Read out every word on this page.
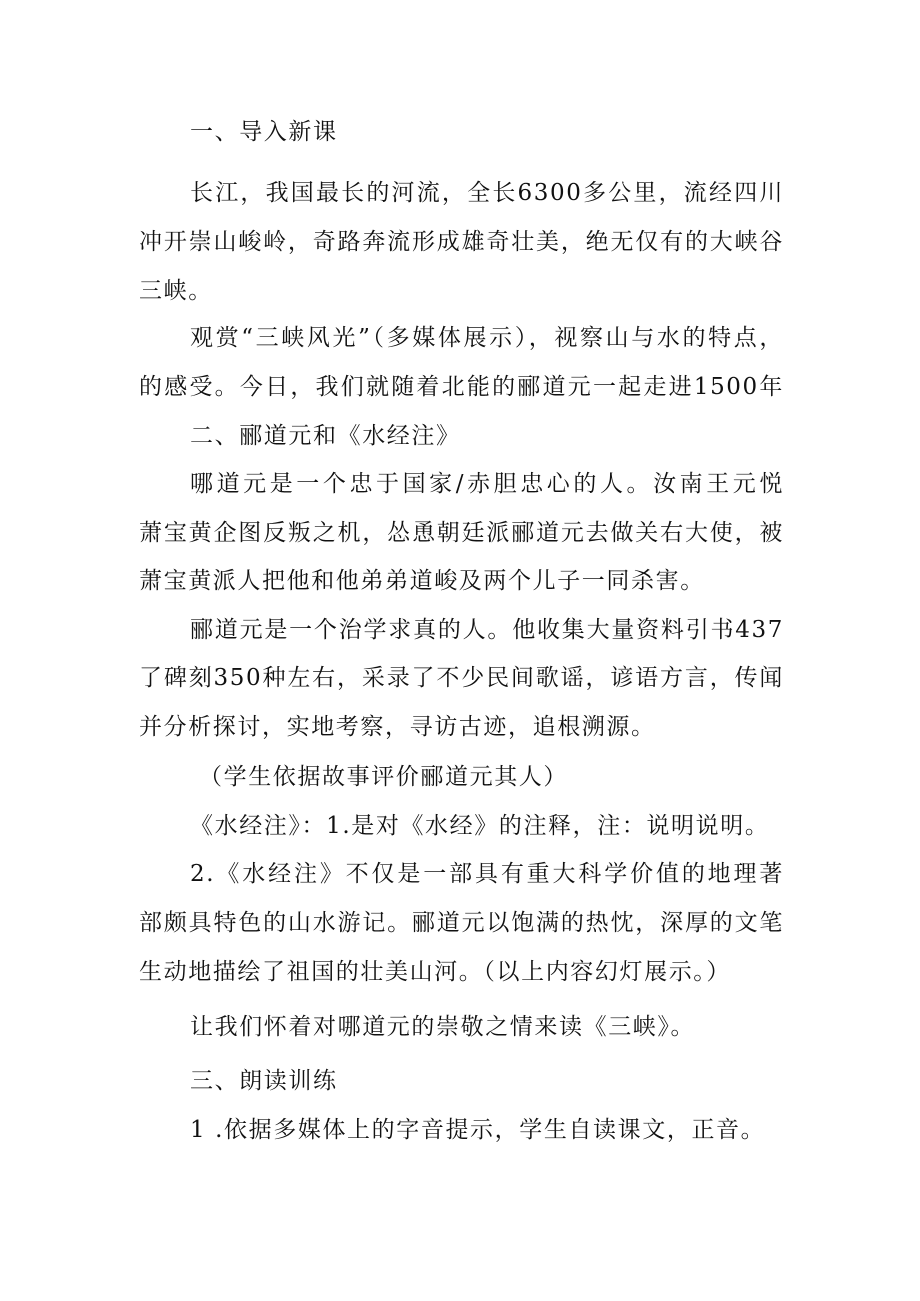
一、导入新课
长江，我国最长的河流，全长6300多公里，流经四川
冲开崇山峻岭，奇路奔流形成雄奇壮美，绝无仅有的大峡谷
三峡。
观赏“三峡风光”（多媒体展示），视察山与水的特点，
的感受。今日，我们就随着北能的郦道元一起走进1500年
二、郦道元和《水经注》
哪道元是一个忠于国家/赤胆忠心的人。汝南王元悦
萧宝黄企图反叛之机，怂恿朝廷派郦道元去做关右大使，被
萧宝黄派人把他和他弟弟道峻及两个儿子一同杀害。
郦道元是一个治学求真的人。他收集大量资料引书437
了碑刻350种左右，采录了不少民间歌谣，谚语方言，传闻
并分析探讨，实地考察，寻访古迹，追根溯源。
（学生依据故事评价郦道元其人）
《水经注》：1.是对《水经》的注释，注：说明说明。
2.《水经注》不仅是一部具有重大科学价值的地理著
部颇具特色的山水游记。郦道元以饱满的热忱，深厚的文笔
生动地描绘了祖国的壮美山河。（以上内容幻灯展示。）
让我们怀着对哪道元的崇敬之情来读《三峡》。
三、朗读训练
1 .依据多媒体上的字音提示，学生自读课文，正音。
